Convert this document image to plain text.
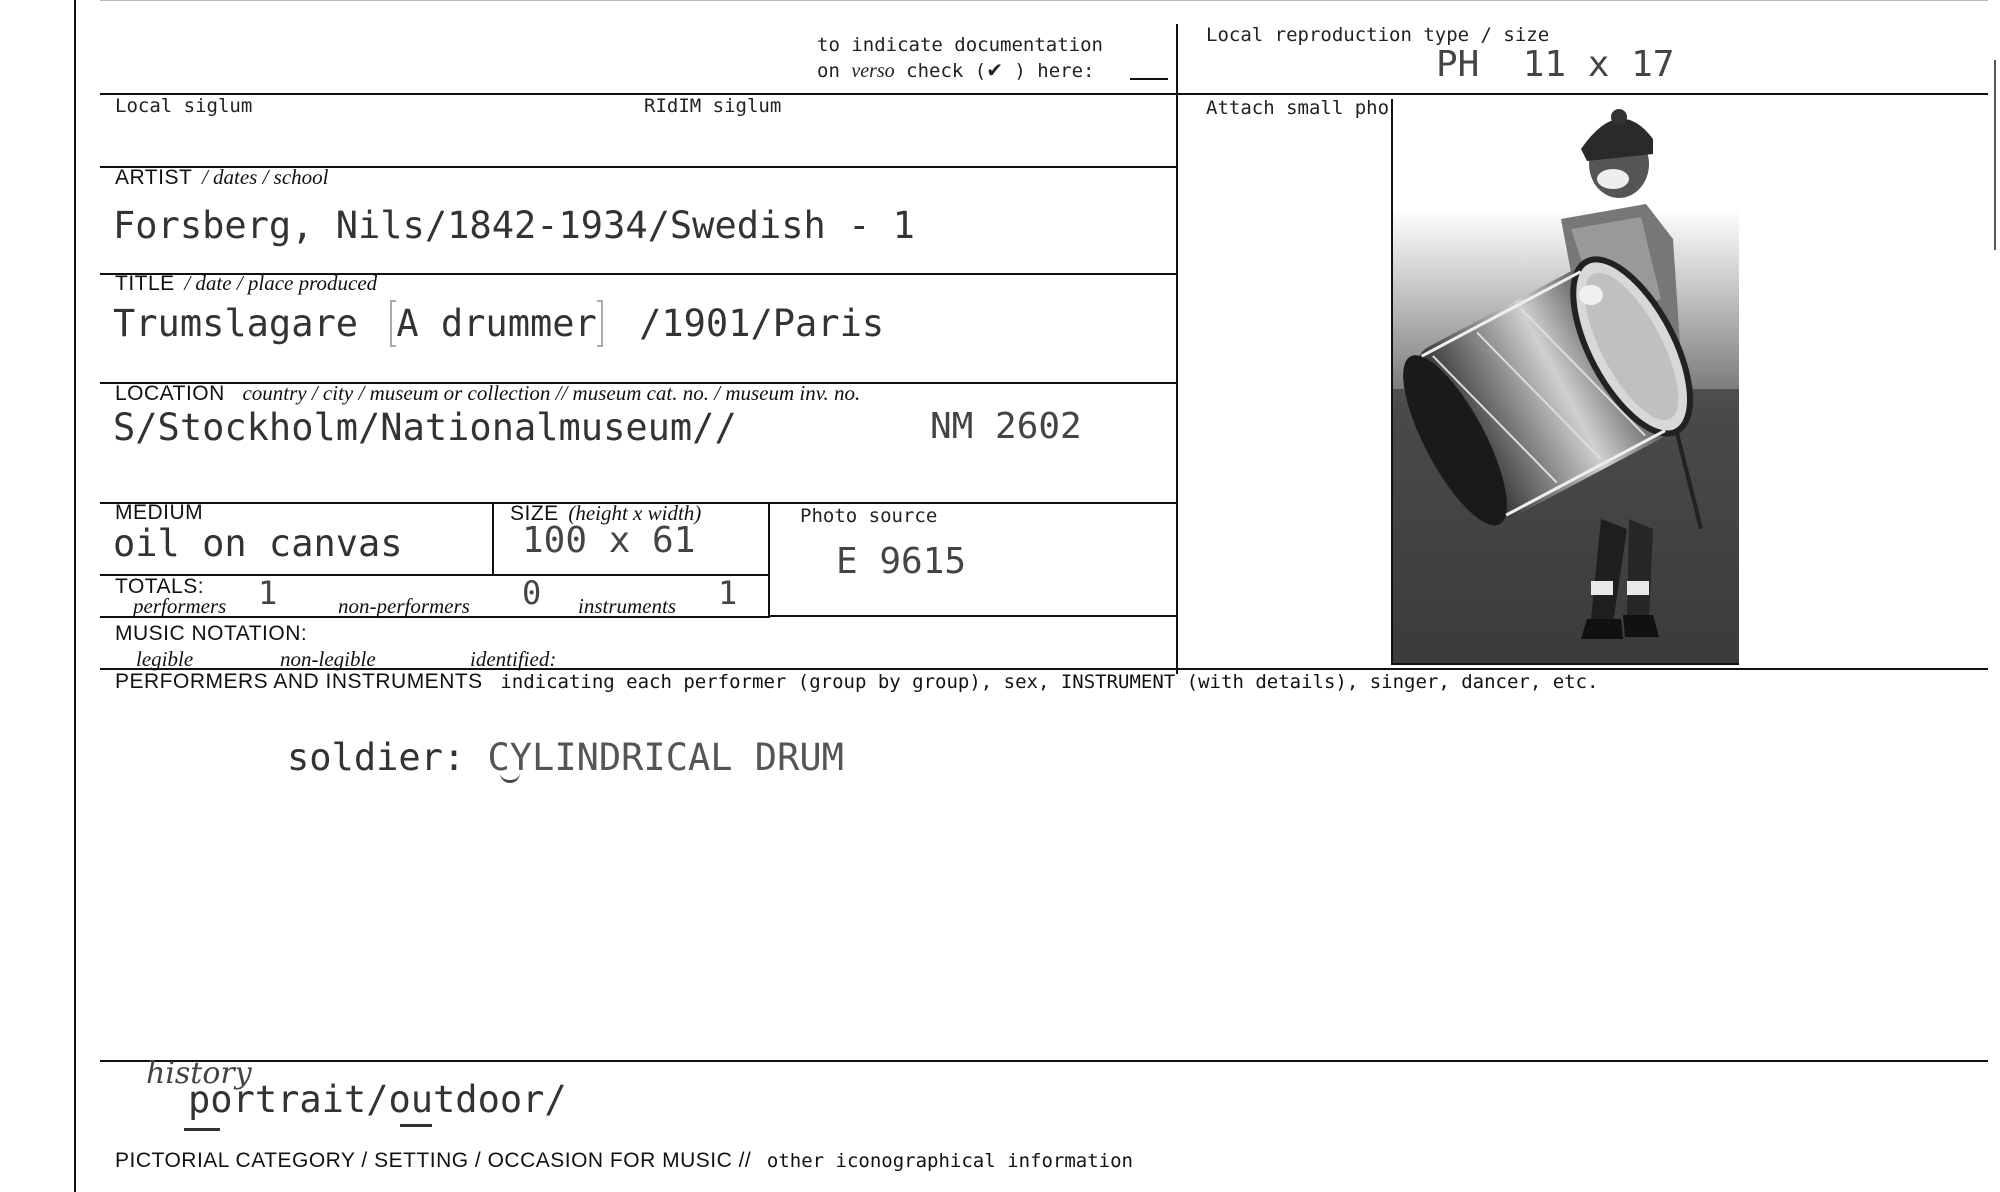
to indicate documentation
on verso check (✔ ) here:
Local reproduction type / size
PH  11 x 17
Local siglum	RIdIM siglum	Attach small pho
ARTIST / dates / school
Forsberg, Nils/1842-1934/Swedish - 1
TITLE / date / place produced
Trumslagare A drummer /1901/Paris
LOCATION country / city / museum or collection // museum cat. no. / museum inv. no.
S/Stockholm/Nationalmuseum//	NM 2602
MEDIUM
oil on canvas
SIZE (height x width)
100 x 61
Photo source
E 9615
TOTALS:
performers 1	non-performers 0 instruments 1
MUSIC NOTATION:
legible	non-legible	identified:
PERFORMERS AND INSTRUMENTS indicating each performer (group by group), sex, INSTRUMENT (with details), singer, dancer, etc.
soldier: CYLINDRICAL DRUM
history
portrait/outdoor/
PICTORIAL CATEGORY / SETTING / OCCASION FOR MUSIC // other iconographical information
